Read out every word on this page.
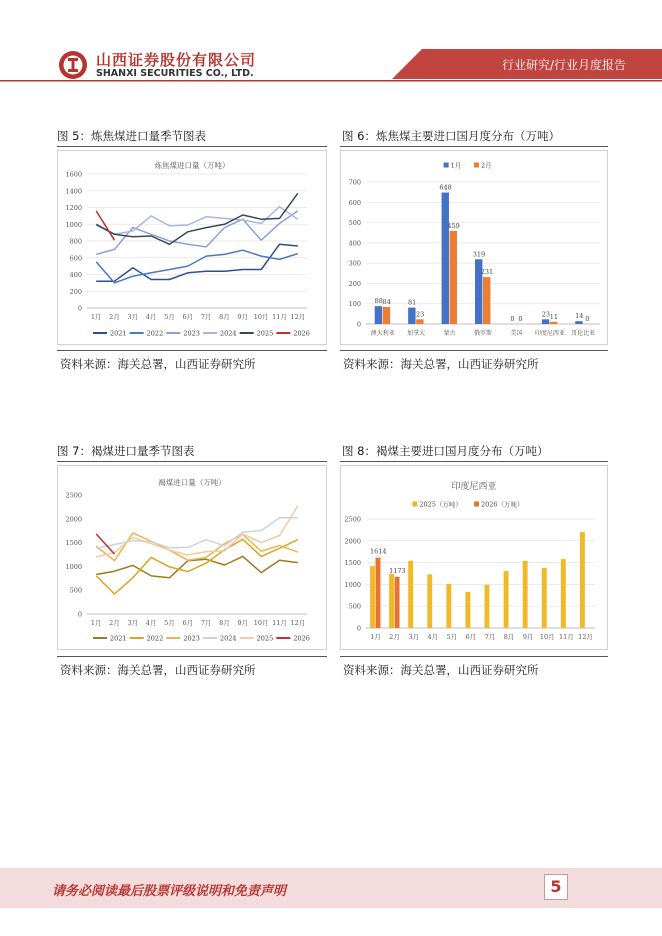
山西证券股份有限公司
SHANXI SECURITIES CO., LTD.
行业研究/行业月度报告
图 5：炼焦煤进口量季节图表
炼焦煤进口量（万吨）
0
200
400
600
800
1000
1200
1400
1600
1月 2月 3月 4月 5月 6月 7月 8月 9月 10月 11月 12月
2021	2022	2023	2024	2025	2026
资料来源：海关总署，山西证券研究所
图 6：炼焦煤主要进口国月度分布（万吨）
0
100
200
300
400
500
600
700
澳大利亚
88 84
加拿大
81
23
蒙古
648
459
俄罗斯
319
231
美国
0 0
印度尼西亚
23 11
哥伦比亚
14 0
1月	2月
资料来源：海关总署，山西证券研究所
图 7：褐煤进口量季节图表
褐煤进口量（万吨）
0
500
1000
1500
2000
2500
1月 2月 3月 4月 5月 6月 7月 8月 9月 10月 11月 12月
2021	2022	2023	2024	2025	2026
资料来源：海关总署，山西证券研究所
图 8：褐煤主要进口国月度分布（万吨）
印度尼西亚
0
500
1000
1500
2000
2500
1月 2月 3月 4月 5月 6月 7月 8月 9月 10月 11月 12月
1614
1173
2025（万吨）	2026（万吨）
资料来源：海关总署，山西证券研究所
请务必阅读最后股票评级说明和免责声明	5
